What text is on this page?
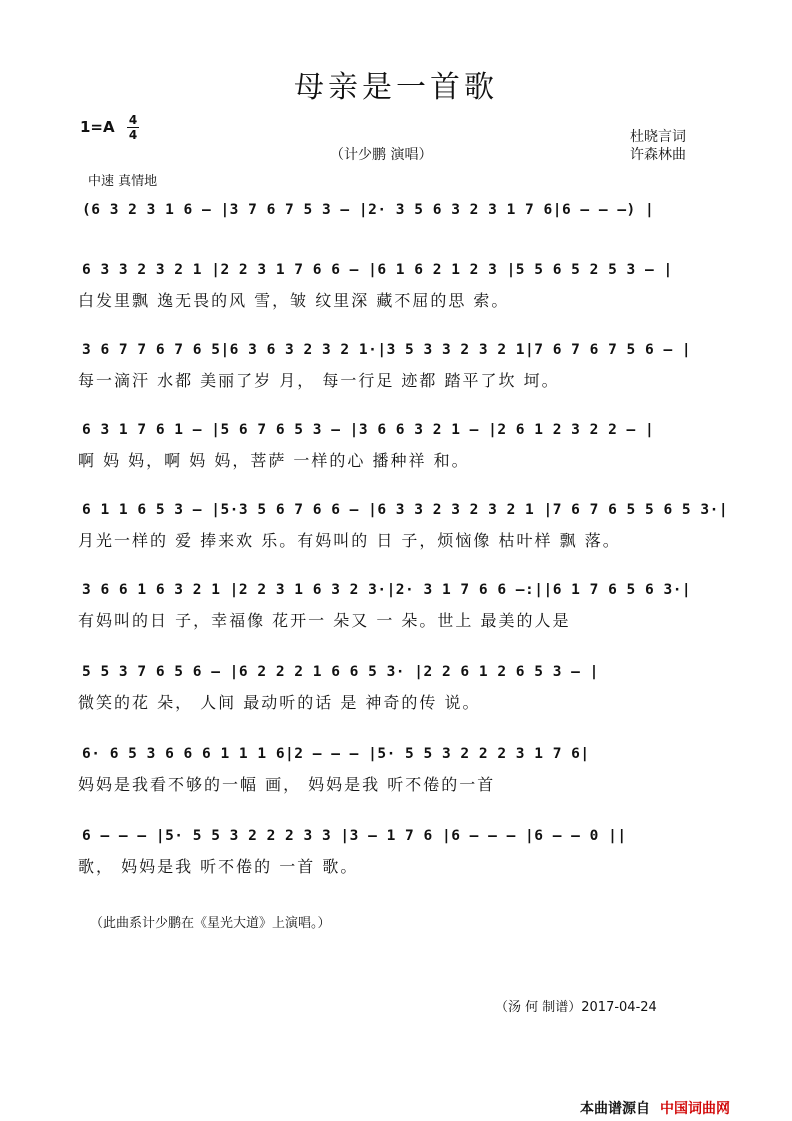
母亲是一首歌
1=A 4
4
（计少鹏 演唱）
杜晓言词
许森林曲
中速 真情地
(6 3 2 3 1 6 – |3 7 6 7 5 3 – |2· 3 5 6 3 2 3 1 7 6|6 – – –) |
6 3 3 2 3 2 1 |2 2 3 1 7 6 6 – |6 1 6 2 1 2 3 |5 5 6 5 2 5 3 – |
白发里飘 逸无畏的风 雪，皱 纹里深 藏不屈的思 索。
3 6 7 7 6 7 6 5|6 3 6 3 2 3 2 1·|3 5 3 3 2 3 2 1|7 6 7 6 7 5 6 – |
每一滴汗 水都 美丽了岁 月， 每一行足 迹都 踏平了坎 坷。
6 3 1 7 6 1 – |5 6 7 6 5 3 – |3 6 6 3 2 1 – |2 6 1 2 3 2 2 – |
啊 妈 妈，啊 妈 妈，菩萨 一样的心 播种祥 和。
6 1 1 6 5 3 – |5·3 5 6 7 6 6 – |6 3 3 2 3 2 3 2 1 |7 6 7 6 5 5 6 5 3·|
月光一样的 爱 捧来欢 乐。有妈叫的 日 子，烦恼像 枯叶样 飘 落。
3 6 6 1 6 3 2 1 |2 2 3 1 6 3 2 3·|2· 3 1 7 6 6 –:||6 1 7 6 5 6 3·|
有妈叫的日 子，幸福像 花开一 朵又 一 朵。世上 最美的人是
5 5 3 7 6 5 6 – |6 2 2 2 1 6 6 5 3· |2 2 6 1 2 6 5 3 – |
微笑的花 朵， 人间 最动听的话 是 神奇的传 说。
6· 6 5 3 6 6 6 1 1 1 6|2 – – – |5· 5 5 3 2 2 2 3 1 7 6|
妈妈是我看不够的一幅 画， 妈妈是我 听不倦的一首
6 – – – |5· 5 5 3 2 2 2 3 3 |3 – 1 7 6 |6 – – – |6 – – 0 ||
歌， 妈妈是我 听不倦的 一首 歌。
（此曲系计少鹏在《星光大道》上演唱。）
（汤 何 制谱）2017-04-24
本曲谱源自 中国词曲网
